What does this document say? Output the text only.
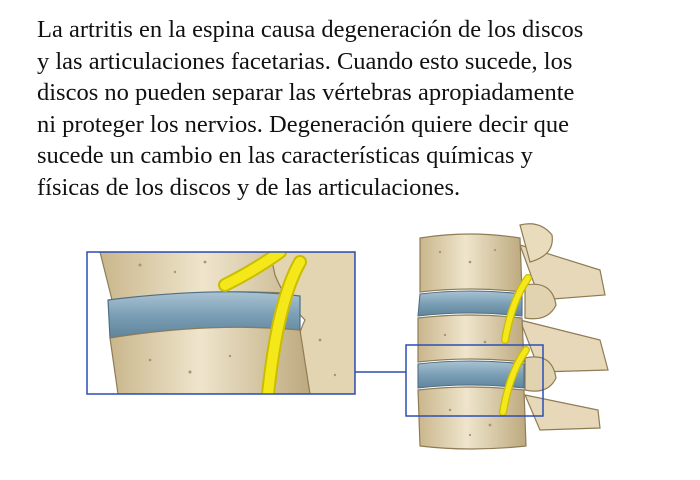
La artritis en la espina causa degeneración de los discos
y las articulaciones facetarias. Cuando esto sucede, los
discos no pueden separar las vértebras apropiadamente
ni proteger los nervios. Degeneración quiere decir que
sucede un cambio en las características químicas y
físicas de los discos y de las articulaciones.
